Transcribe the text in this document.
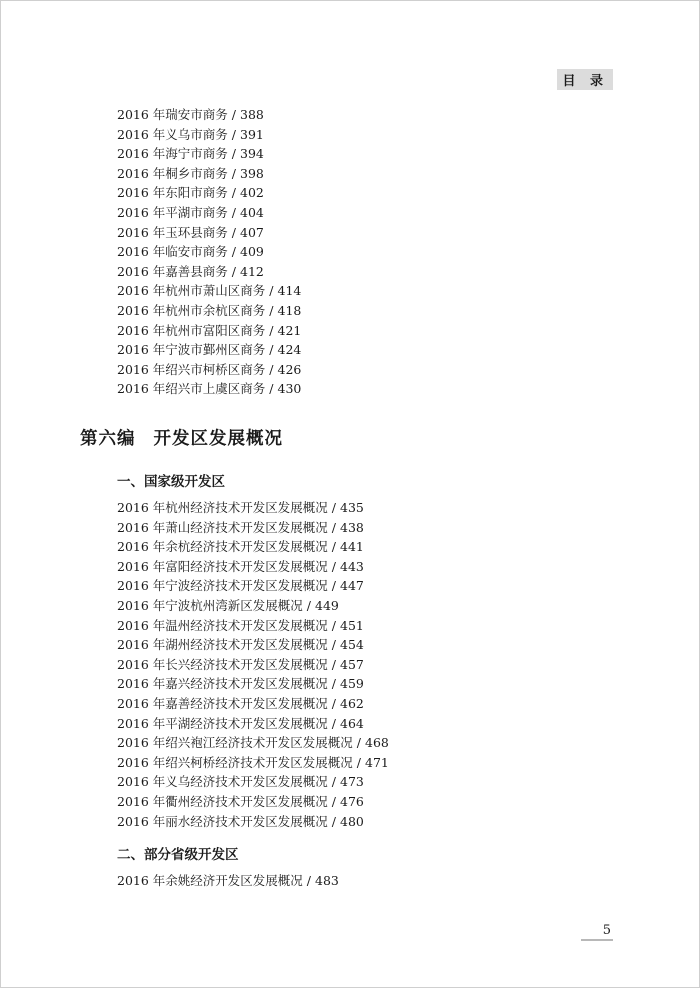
目 录
2016 年瑞安市商务 / 388
2016 年义乌市商务 / 391
2016 年海宁市商务 / 394
2016 年桐乡市商务 / 398
2016 年东阳市商务 / 402
2016 年平湖市商务 / 404
2016 年玉环县商务 / 407
2016 年临安市商务 / 409
2016 年嘉善县商务 / 412
2016 年杭州市萧山区商务 / 414
2016 年杭州市余杭区商务 / 418
2016 年杭州市富阳区商务 / 421
2016 年宁波市鄞州区商务 / 424
2016 年绍兴市柯桥区商务 / 426
2016 年绍兴市上虞区商务 / 430
第六编 开发区发展概况
一、国家级开发区
2016 年杭州经济技术开发区发展概况 / 435
2016 年萧山经济技术开发区发展概况 / 438
2016 年余杭经济技术开发区发展概况 / 441
2016 年富阳经济技术开发区发展概况 / 443
2016 年宁波经济技术开发区发展概况 / 447
2016 年宁波杭州湾新区发展概况 / 449
2016 年温州经济技术开发区发展概况 / 451
2016 年湖州经济技术开发区发展概况 / 454
2016 年长兴经济技术开发区发展概况 / 457
2016 年嘉兴经济技术开发区发展概况 / 459
2016 年嘉善经济技术开发区发展概况 / 462
2016 年平湖经济技术开发区发展概况 / 464
2016 年绍兴袍江经济技术开发区发展概况 / 468
2016 年绍兴柯桥经济技术开发区发展概况 / 471
2016 年义乌经济技术开发区发展概况 / 473
2016 年衢州经济技术开发区发展概况 / 476
2016 年丽水经济技术开发区发展概况 / 480
二、部分省级开发区
2016 年余姚经济开发区发展概况 / 483
5
